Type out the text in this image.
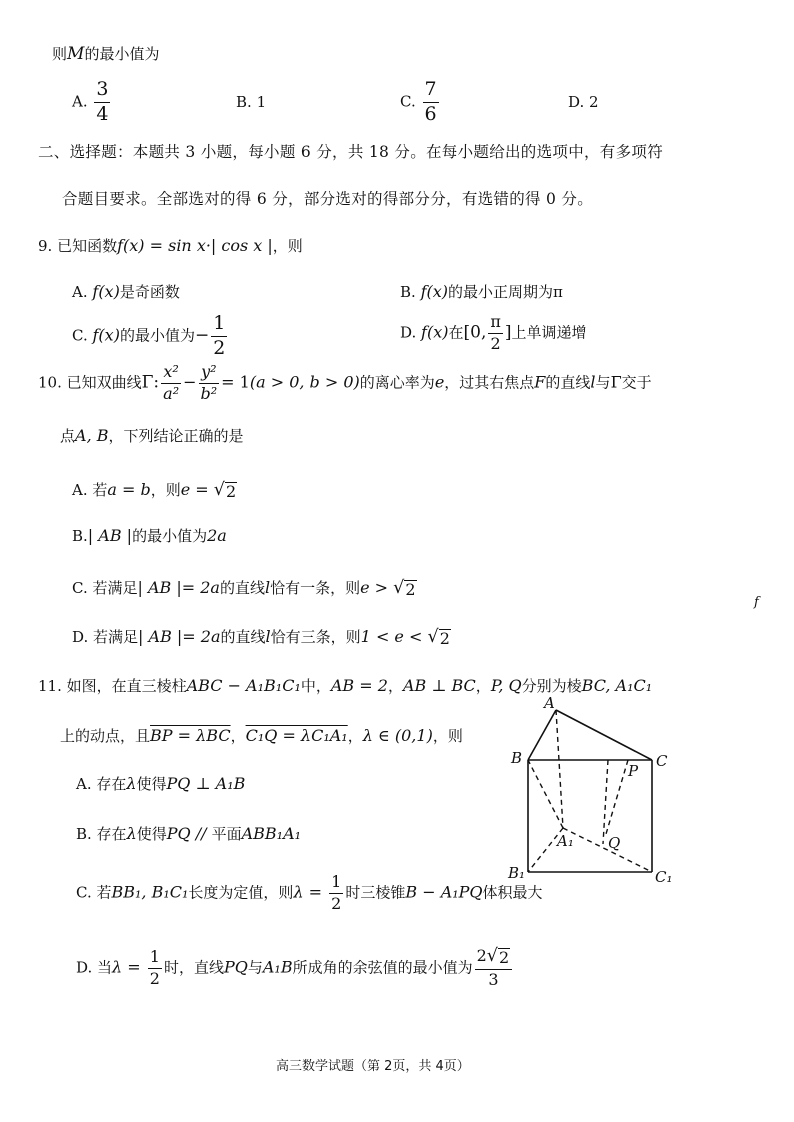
则M的最小值为
A. $\frac{3}{4}$	B. 1	C. $\frac{7}{6}$	D. 2
二、选择题：本题共 3 小题，每小题 6 分，共 18 分。在每小题给出的选项中，有多项符
合题目要求。全部选对的得 6 分，部分选对的得部分分，有选错的得 0 分。
9. 已知函数f(x) = sin x·| cos x |，则
A. f(x)是奇函数	B. f(x)的最小正周期为π
C. f(x)的最小值为− $\frac{1}{2}$	D. f(x)在[0, $\frac{\pi}{2}$ ]上单调递增
10. 已知双曲线Γ: $\frac{\text{x²}}{\text{a²}} - \frac{\text{y²}}{\text{b²}} = 1(a > 0$, b > 0)的离心率为e，过其右焦点F的直线l与Γ交于
点A, B，下列结论正确的是
A. 若a = b，则e = √ 2
B.| AB |的最小值为2a
C. 若满足| AB |= 2a的直线l恰有一条，则e > √ 2
D. 若满足| AB |= 2a的直线l恰有三条，则1 < e < √ 2
f
11. 如图，在直三棱柱ABC − A₁B₁C₁中，AB = 2，AB ⊥ BC，P, Q分别为棱BC, A₁C₁
上的动点，且BP = λBC，C₁Q = λC₁A₁，λ ∈ (0,1)，则
A. 存在λ使得PQ ⊥ A₁B
B. 存在λ使得PQ // 平面ABB₁A₁
C. 若BB₁, B₁C₁长度为定值，则$\lambda = \frac{1}{2}$ 时三棱锥B − A₁PQ体积最大
D. 当$\lambda = \frac{1}{2}$ 时，直线PQ与A₁B所成角的余弦值的最小值为 $\frac{2 √ 2}{3}$
A
B	C
P
A₁ Q
B₁	C₁
高三数学试题（第 2页，共 4页）
